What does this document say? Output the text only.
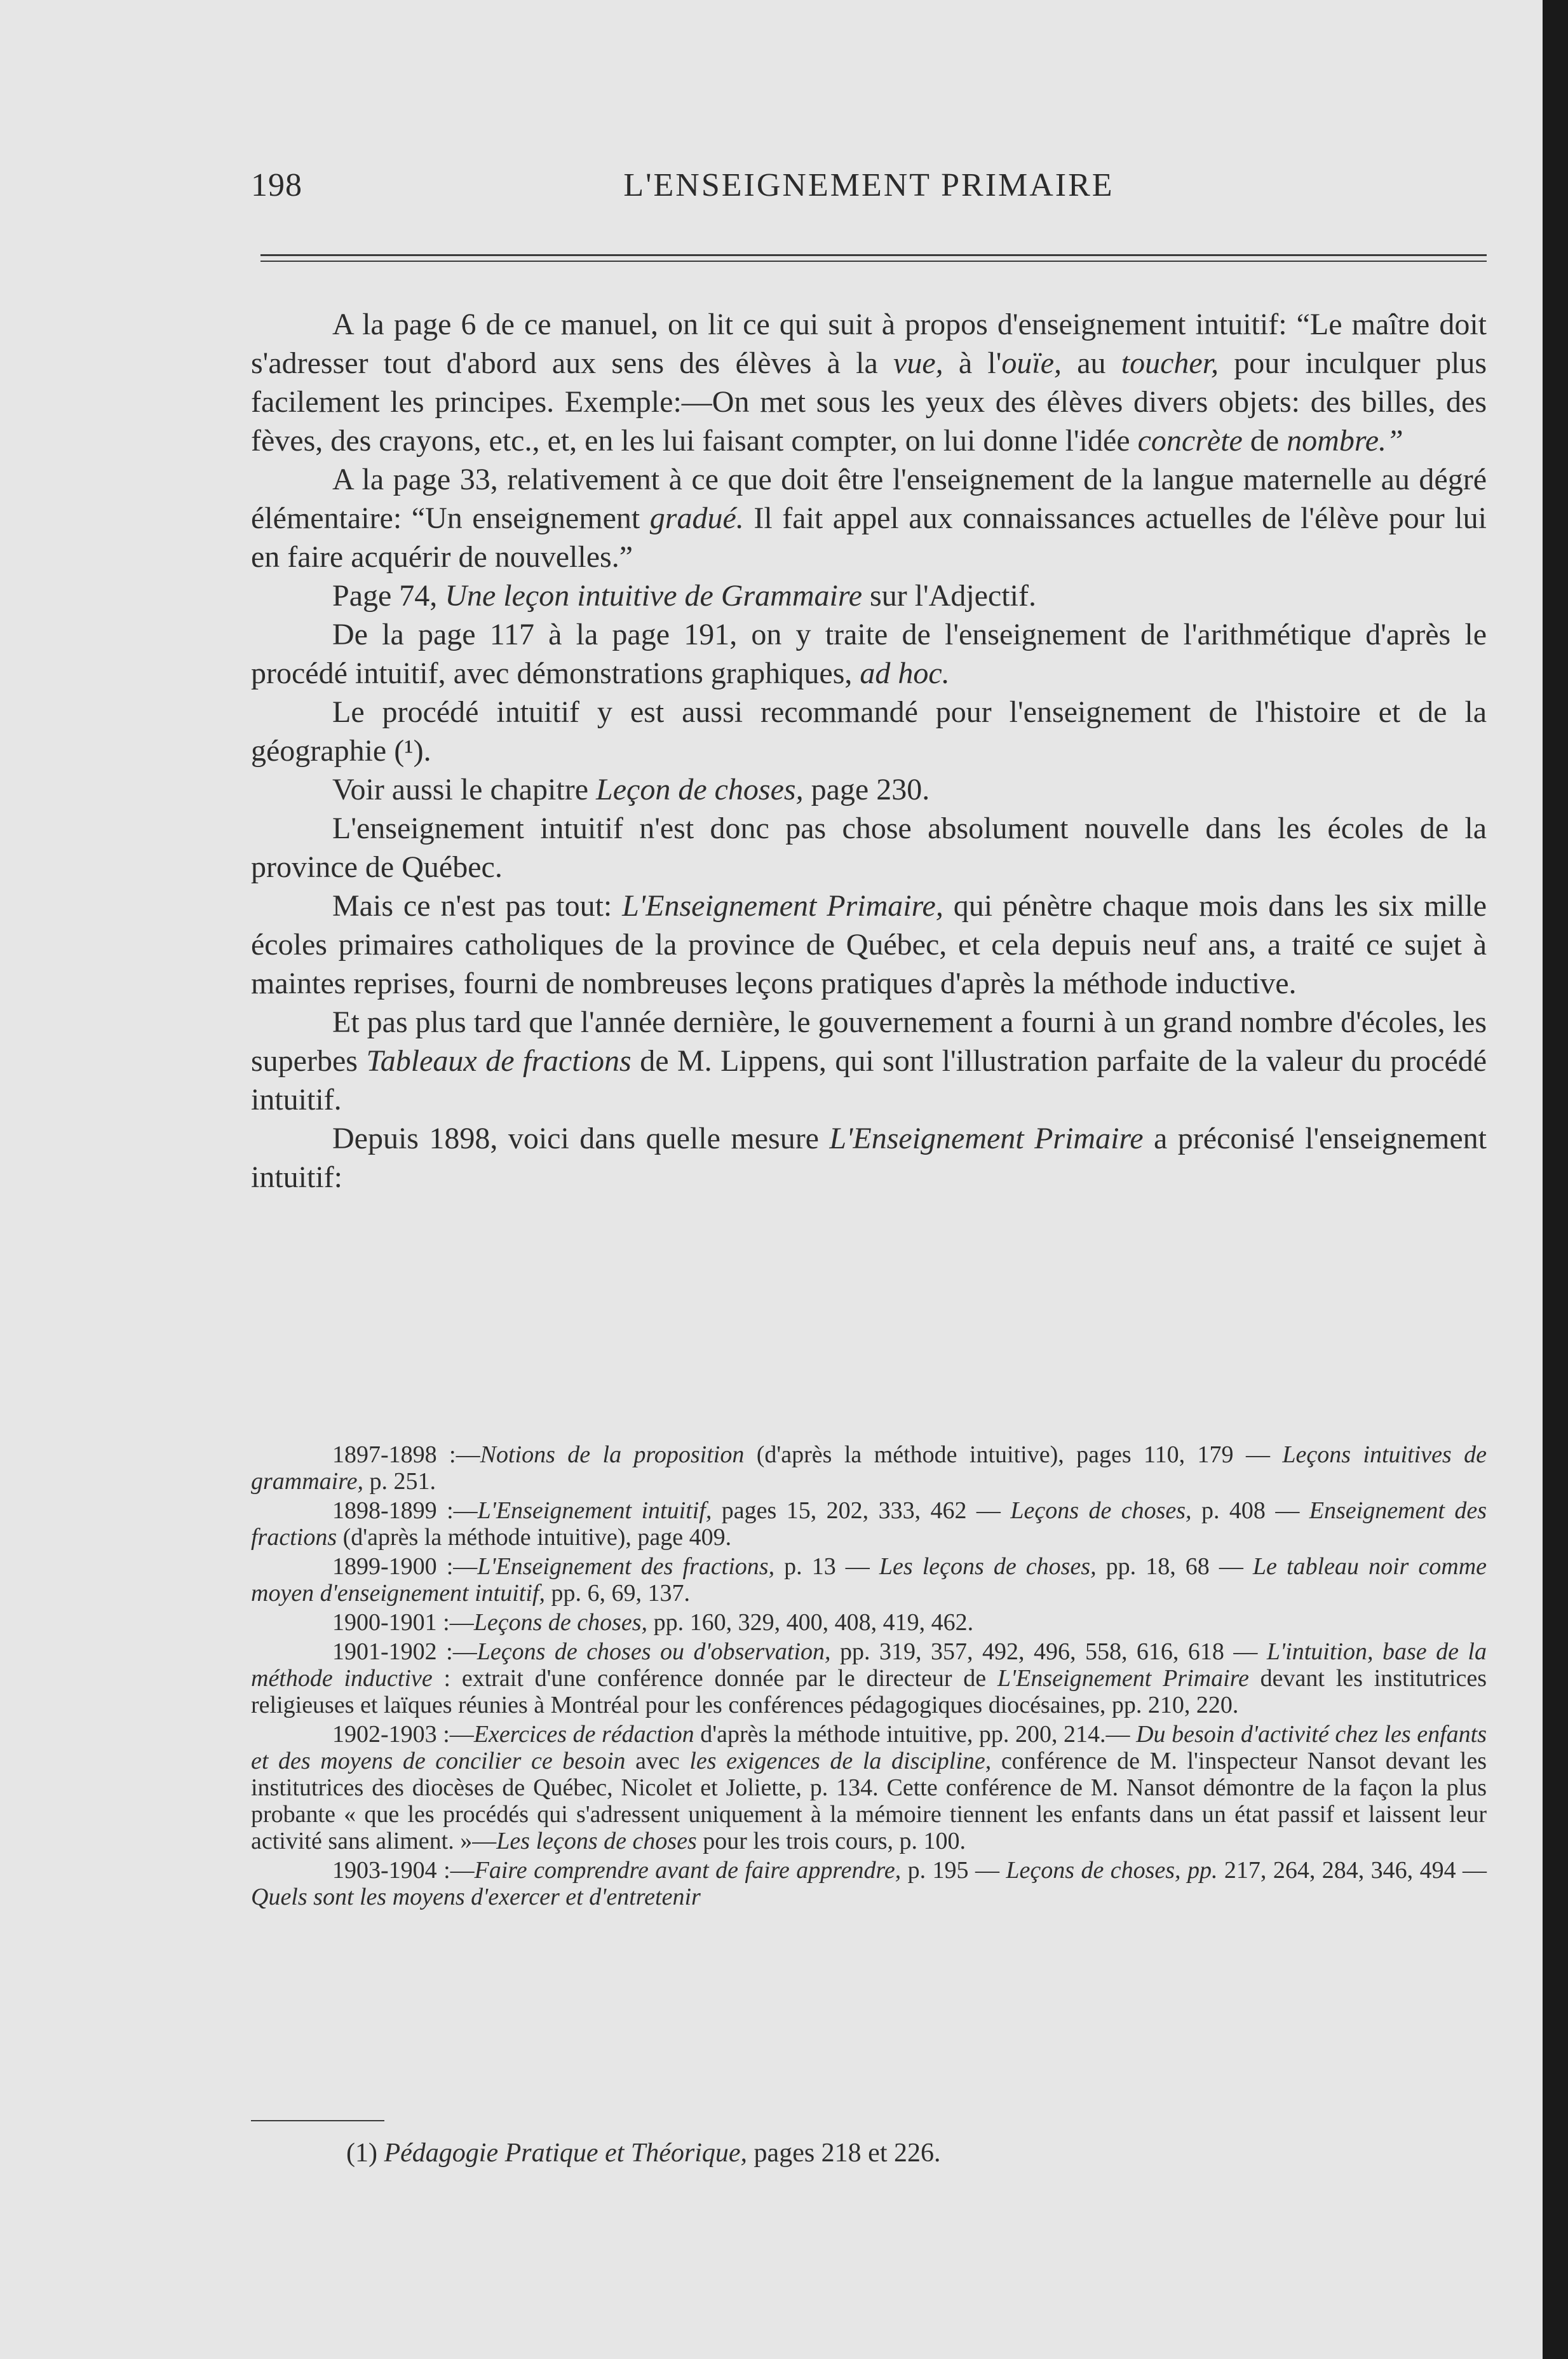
198	L'ENSEIGNEMENT PRIMAIRE

A la page 6 de ce manuel, on lit ce qui suit à propos d'enseignement intuitif: “Le maître doit s'adresser tout d'abord aux sens des élèves à la vue, à l'ouïe, au toucher, pour inculquer plus facilement les principes. Exemple:—On met sous les yeux des élèves divers objets: des billes, des fèves, des crayons, etc., et, en les lui faisant compter, on lui donne l'idée concrète de nombre.”

A la page 33, relativement à ce que doit être l'enseignement de la langue maternelle au dégré élémentaire: “Un enseignement gradué. Il fait appel aux connaissances actuelles de l'élève pour lui en faire acquérir de nouvelles.”

Page 74, Une leçon intuitive de Grammaire sur l'Adjectif.

De la page 117 à la page 191, on y traite de l'enseignement de l'arithmétique d'après le procédé intuitif, avec démonstrations graphiques, ad hoc.

Le procédé intuitif y est aussi recommandé pour l'enseignement de l'histoire et de la géographie (¹).

Voir aussi le chapitre Leçon de choses, page 230.

L'enseignement intuitif n'est donc pas chose absolument nouvelle dans les écoles de la province de Québec.

Mais ce n'est pas tout: L'Enseignement Primaire, qui pénètre chaque mois dans les six mille écoles primaires catholiques de la province de Québec, et cela depuis neuf ans, a traité ce sujet à maintes reprises, fourni de nombreuses leçons pratiques d'après la méthode inductive.

Et pas plus tard que l'année dernière, le gouvernement a fourni à un grand nombre d'écoles, les superbes Tableaux de fractions de M. Lippens, qui sont l'illustration parfaite de la valeur du procédé intuitif.

Depuis 1898, voici dans quelle mesure L'Enseignement Primaire a préconisé l'enseignement intuitif:

1897-1898 :—Notions de la proposition (d'après la méthode intuitive), pages 110, 179 — Leçons intuitives de grammaire, p. 251.

1898-1899 :—L'Enseignement intuitif, pages 15, 202, 333, 462 — Leçons de choses, p. 408 — Enseignement des fractions (d'après la méthode intuitive), page 409.

1899-1900 :—L'Enseignement des fractions, p. 13 — Les leçons de choses, pp. 18, 68 — Le tableau noir comme moyen d'enseignement intuitif, pp. 6, 69, 137.

1900-1901 :—Leçons de choses, pp. 160, 329, 400, 408, 419, 462.

1901-1902 :—Leçons de choses ou d'observation, pp. 319, 357, 492, 496, 558, 616, 618 — L'intuition, base de la méthode inductive : extrait d'une conférence donnée par le directeur de L'Enseignement Primaire devant les institutrices religieuses et laïques réunies à Montréal pour les conférences pédagogiques diocésaines, pp. 210, 220.

1902-1903 :—Exercices de rédaction d'après la méthode intuitive, pp. 200, 214.— Du besoin d'activité chez les enfants et des moyens de concilier ce besoin avec les exigences de la discipline, conférence de M. l'inspecteur Nansot devant les institutrices des diocèses de Québec, Nicolet et Joliette, p. 134. Cette conférence de M. Nansot démontre de la façon la plus probante « que les procédés qui s'adressent uniquement à la mémoire tiennent les enfants dans un état passif et laissent leur activité sans aliment. »—Les leçons de choses pour les trois cours, p. 100.

1903-1904 :—Faire comprendre avant de faire apprendre, p. 195 — Leçons de choses, pp. 217, 264, 284, 346, 494 — Quels sont les moyens d'exercer et d'entretenir

(1) Pédagogie Pratique et Théorique, pages 218 et 226.
